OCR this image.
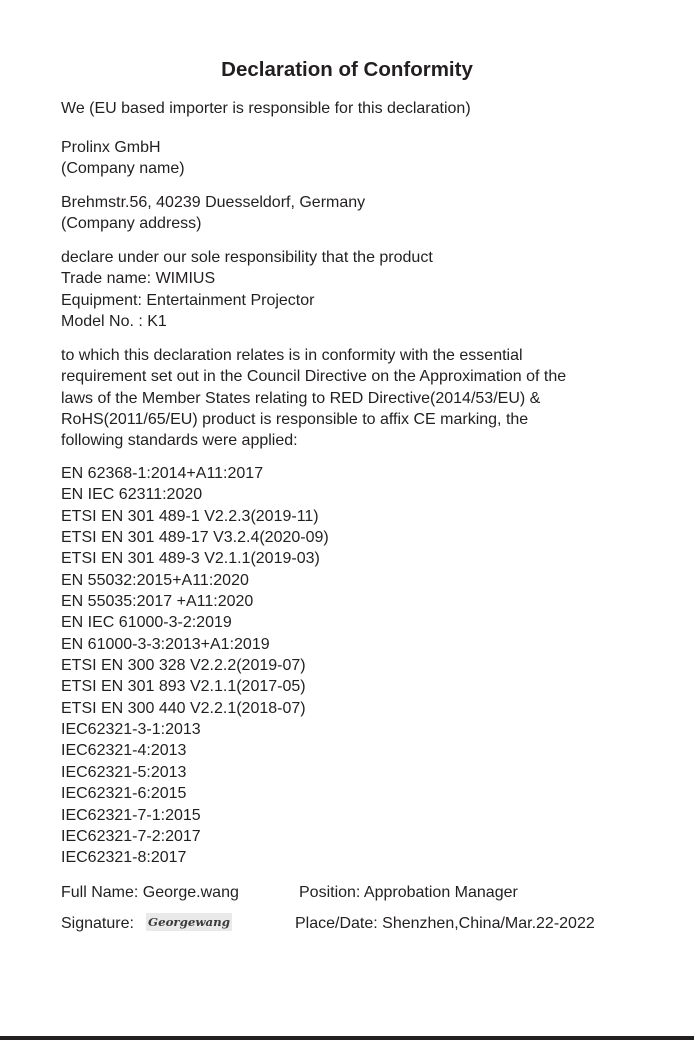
Declaration of Conformity
We (EU based importer is responsible for this declaration)
Prolinx GmbH
(Company name)
Brehmstr.56, 40239 Duesseldorf, Germany
(Company address)
declare under our sole responsibility that the product
Trade name: WIMIUS
Equipment: Entertainment Projector
Model No. : K1
to which this declaration relates is in conformity with the essential
requirement set out in the Council Directive on the Approximation of the
laws of the Member States relating to RED Directive(2014/53/EU) &
RoHS(2011/65/EU) product is responsible to affix CE marking, the
following standards were applied:
EN 62368-1:2014+A11:2017
EN IEC 62311:2020
ETSI EN 301 489-1 V2.2.3(2019-11)
ETSI EN 301 489-17 V3.2.4(2020-09)
ETSI EN 301 489-3 V2.1.1(2019-03)
EN 55032:2015+A11:2020
EN 55035:2017 +A11:2020
EN IEC 61000-3-2:2019
EN 61000-3-3:2013+A1:2019
ETSI EN 300 328 V2.2.2(2019-07)
ETSI EN 301 893 V2.1.1(2017-05)
ETSI EN 300 440 V2.2.1(2018-07)
IEC62321-3-1:2013
IEC62321-4:2013
IEC62321-5:2013
IEC62321-6:2015
IEC62321-7-1:2015
IEC62321-7-2:2017
IEC62321-8:2017
Full Name: George.wang	Position: Approbation Manager
Signature: Georgewang	Place/Date: Shenzhen,China/Mar.22-2022
